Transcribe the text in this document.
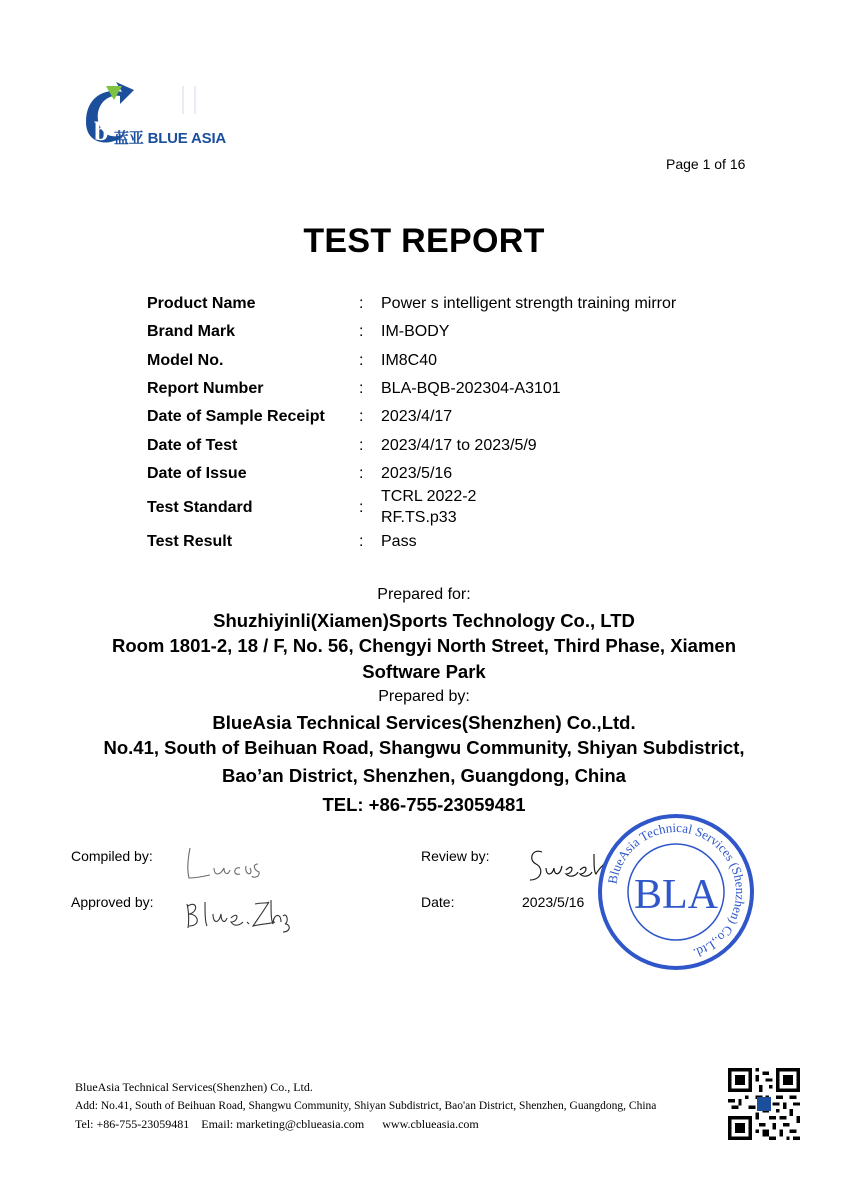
b 蓝亚 BLUE ASIA
Page 1 of 16
TEST REPORT
Product Name	: Power s intelligent strength training mirror
Brand Mark	: IM-BODY
Model No.	: IM8C40
Report Number	: BLA-BQB-202304-A3101
Date of Sample Receipt : 2023/4/17
Date of Test	: 2023/4/17 to 2023/5/9
Date of Issue	: 2023/5/16
Test Standard	:
TCRL 2022-2
RF.TS.p33
Test Result	: Pass
Prepared for:
Shuzhiyinli(Xiamen)Sports Technology Co., LTD
Room 1801-2, 18 / F, No. 56, Chengyi North Street, Third Phase, Xiamen
Software Park
Prepared by:
BlueAsia Technical Services(Shenzhen) Co.,Ltd.
No.41, South of Beihuan Road, Shangwu Community, Shiyan Subdistrict,
Bao’an District, Shenzhen, Guangdong, China
TEL: +86-755-23059481
Compiled by:
Approved by:
Review by:
Date:	2023/5/16
BlueAsia Technical Services (Shenzhen) Co.,Ltd.
BLA
BlueAsia Technical Services(Shenzhen) Co., Ltd.
Add: No.41, South of Beihuan Road, Shangwu Community, Shiyan Subdistrict, Bao'an District, Shenzhen, Guangdong, China
Tel: +86-755-23059481    Email: marketing@cblueasia.com      www.cblueasia.com
